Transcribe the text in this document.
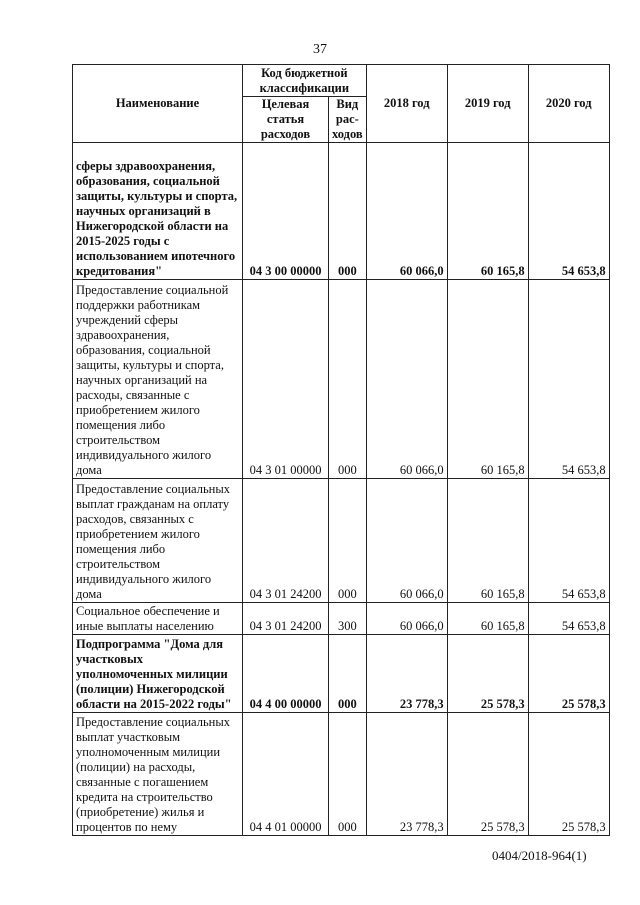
37
Наименование	Код бюджетной классификации		2018 год	2019 год	2020 год
	Целевая статья расходов	Вид рас-ходов			
сферы здравоохранения, образования, социальной защиты, культуры и спорта, научных организаций в Нижегородской области на 2015-2025 годы с использованием ипотечного кредитования"	04 3 00 00000	000	60 066,0	60 165,8	54 653,8
Предоставление социальной поддержки работникам учреждений сферы здравоохранения, образования, социальной защиты, культуры и спорта, научных организаций на расходы, связанные с приобретением жилого помещения либо строительством индивидуального жилого дома	04 3 01 00000	000	60 066,0	60 165,8	54 653,8
Предоставление социальных выплат гражданам на оплату расходов, связанных с приобретением жилого помещения либо строительством индивидуального жилого дома	04 3 01 24200	000	60 066,0	60 165,8	54 653,8
Социальное обеспечение и иные выплаты населению	04 3 01 24200	300	60 066,0	60 165,8	54 653,8
Подпрограмма "Дома для участковых уполномоченных милиции (полиции) Нижегородской области на 2015-2022 годы"	04 4 00 00000	000	23 778,3	25 578,3	25 578,3
Предоставление социальных выплат участковым уполномоченным милиции (полиции) на расходы, связанные с погашением кредита на строительство (приобретение) жилья и процентов по нему	04 4 01 00000	000	23 778,3	25 578,3	25 578,3
0404/2018-964(1)
